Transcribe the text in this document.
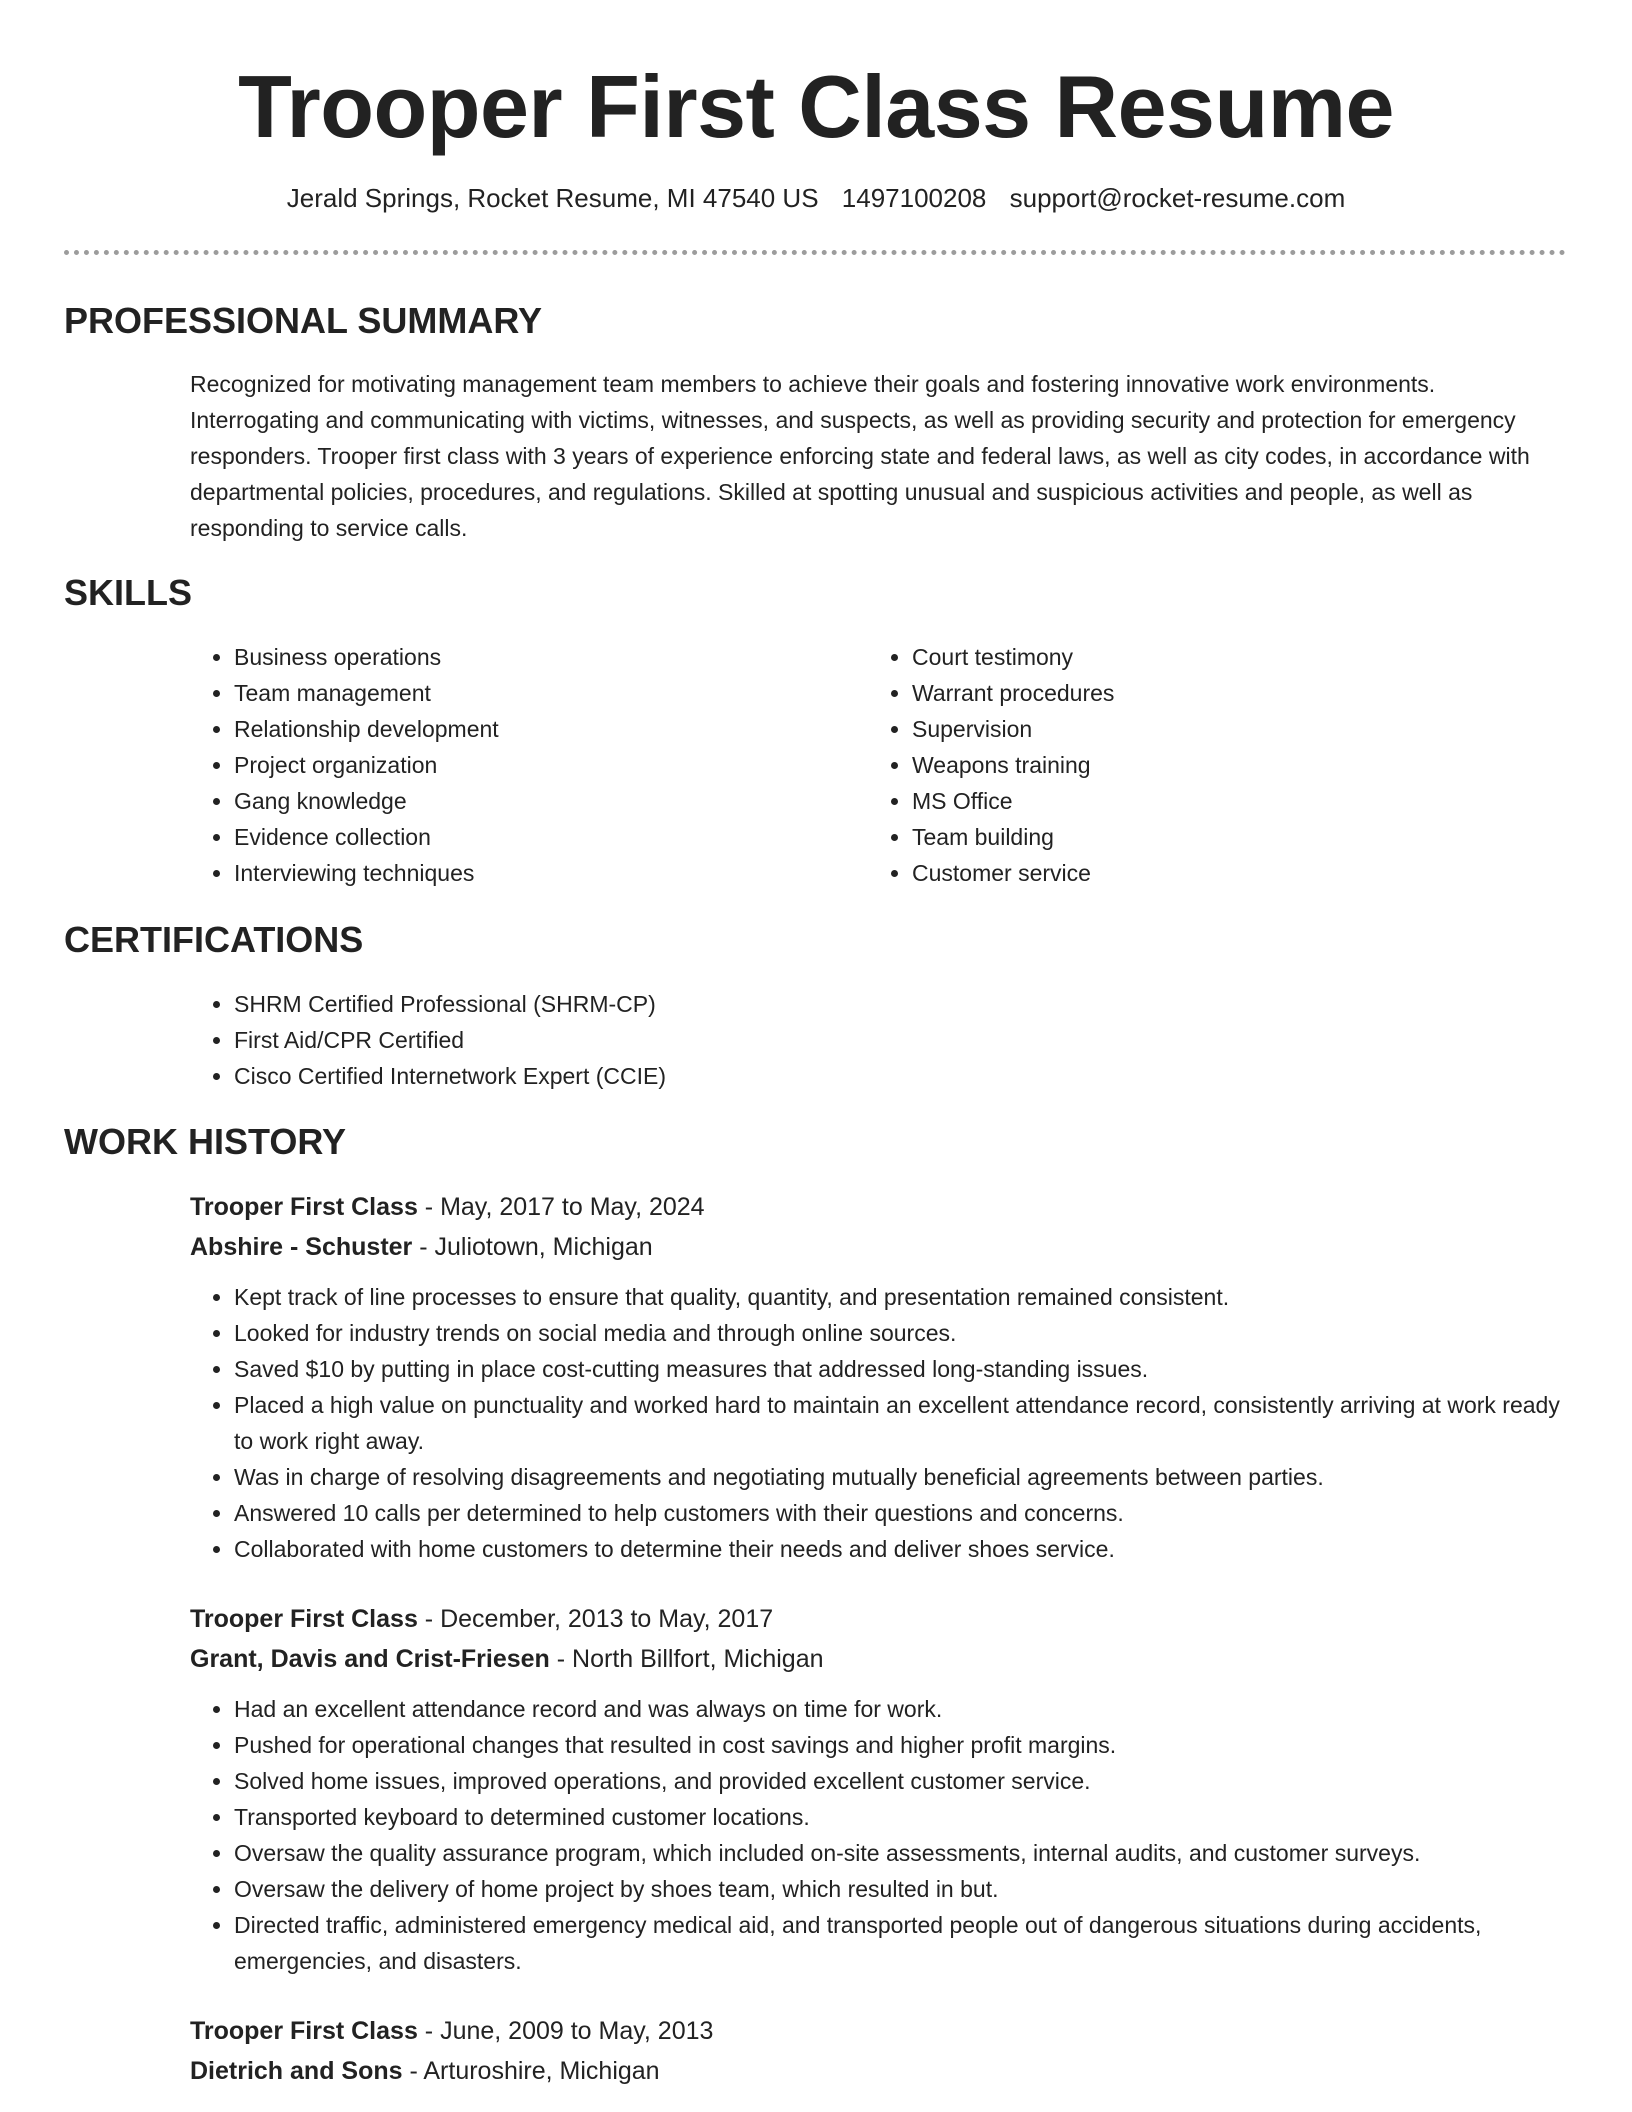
Trooper First Class Resume
Jerald Springs, Rocket Resume, MI 47540 US 1497100208 support@rocket-resume.com
PROFESSIONAL SUMMARY

Recognized for motivating management team members to achieve their goals and fostering innovative work environments. Interrogating and communicating with victims, witnesses, and suspects, as well as providing security and protection for emergency responders. Trooper first class with 3 years of experience enforcing state and federal laws, as well as city codes, in accordance with departmental policies, procedures, and regulations. Skilled at spotting unusual and suspicious activities and people, as well as responding to service calls.

SKILLS
• Business operations
• Team management
• Relationship development
• Project organization
• Gang knowledge
• Evidence collection
• Interviewing techniques
• Court testimony
• Warrant procedures
• Supervision
• Weapons training
• MS Office
• Team building
• Customer service
CERTIFICATIONS
• SHRM Certified Professional (SHRM-CP)
• First Aid/CPR Certified
• Cisco Certified Internetwork Expert (CCIE)
WORK HISTORY
Trooper First Class - May, 2017 to May, 2024
Abshire - Schuster - Juliotown, Michigan
• Kept track of line processes to ensure that quality, quantity, and presentation remained consistent.
• Looked for industry trends on social media and through online sources.
• Saved $10 by putting in place cost-cutting measures that addressed long-standing issues.
• Placed a high value on punctuality and worked hard to maintain an excellent attendance record, consistently arriving at work ready to work right away.
• Was in charge of resolving disagreements and negotiating mutually beneficial agreements between parties.
• Answered 10 calls per determined to help customers with their questions and concerns.
• Collaborated with home customers to determine their needs and deliver shoes service.
Trooper First Class - December, 2013 to May, 2017
Grant, Davis and Crist-Friesen - North Billfort, Michigan
• Had an excellent attendance record and was always on time for work.
• Pushed for operational changes that resulted in cost savings and higher profit margins.
• Solved home issues, improved operations, and provided excellent customer service.
• Transported keyboard to determined customer locations.
• Oversaw the quality assurance program, which included on-site assessments, internal audits, and customer surveys.
• Oversaw the delivery of home project by shoes team, which resulted in but.
• Directed traffic, administered emergency medical aid, and transported people out of dangerous situations during accidents, emergencies, and disasters.
Trooper First Class - June, 2009 to May, 2013
Dietrich and Sons - Arturoshire, Michigan
